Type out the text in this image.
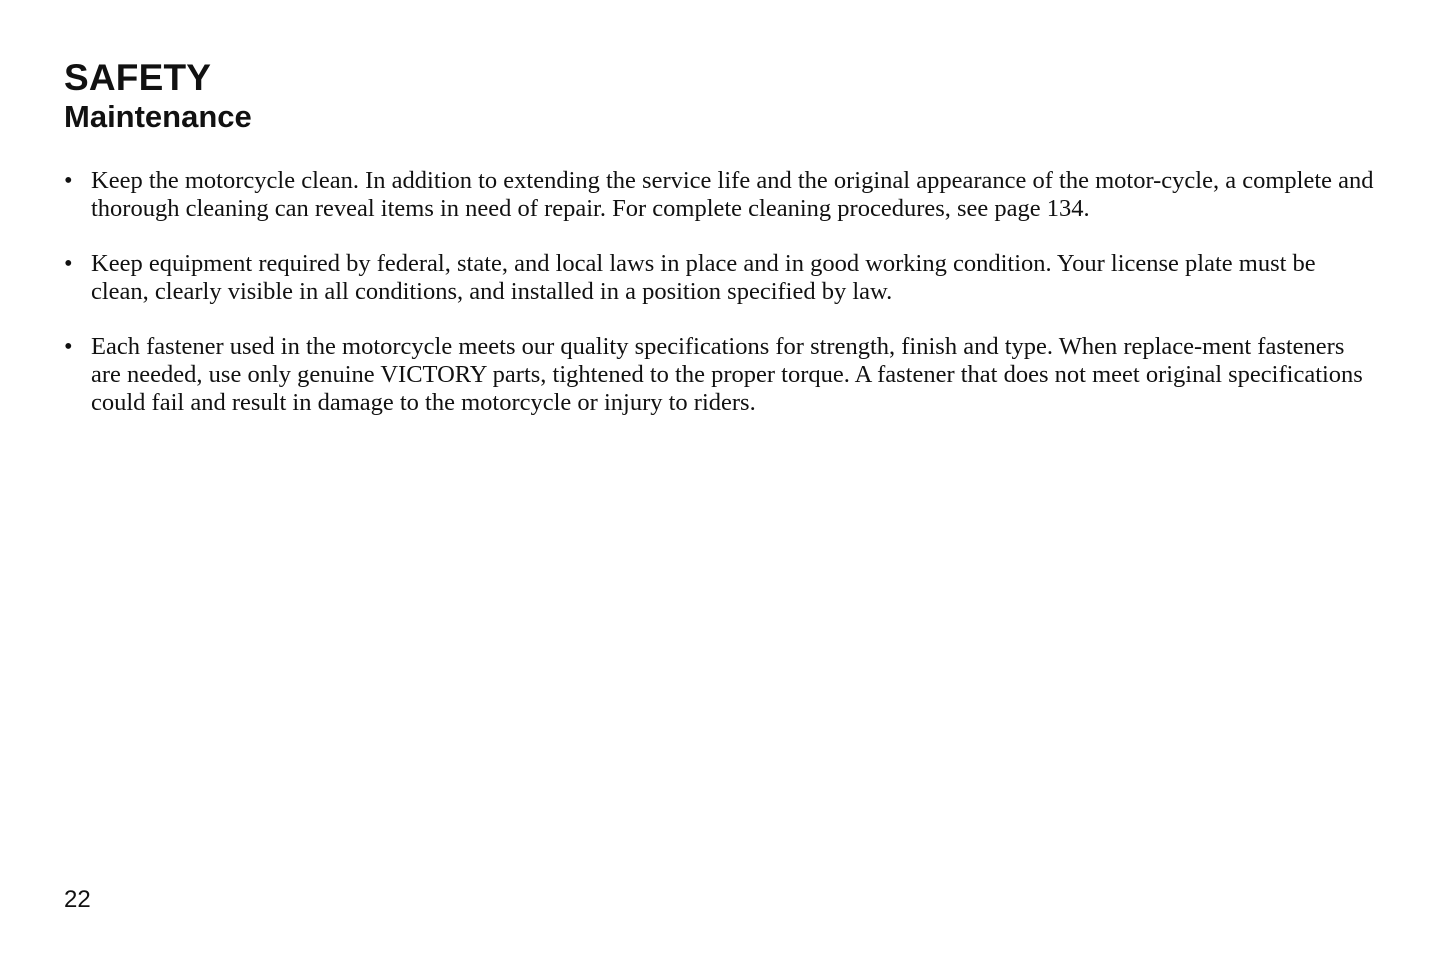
SAFETY
Maintenance
• Keep the motorcycle clean. In addition to extending the service life and the original appearance of the motor-cycle, a complete and thorough cleaning can reveal items in need of repair. For complete cleaning procedures, see page 134.
• Keep equipment required by federal, state, and local laws in place and in good working condition. Your license plate must be clean, clearly visible in all conditions, and installed in a position specified by law.
• Each fastener used in the motorcycle meets our quality specifications for strength, finish and type. When replace-ment fasteners are needed, use only genuine VICTORY parts, tightened to the proper torque. A fastener that does not meet original specifications could fail and result in damage to the motorcycle or injury to riders.
22
